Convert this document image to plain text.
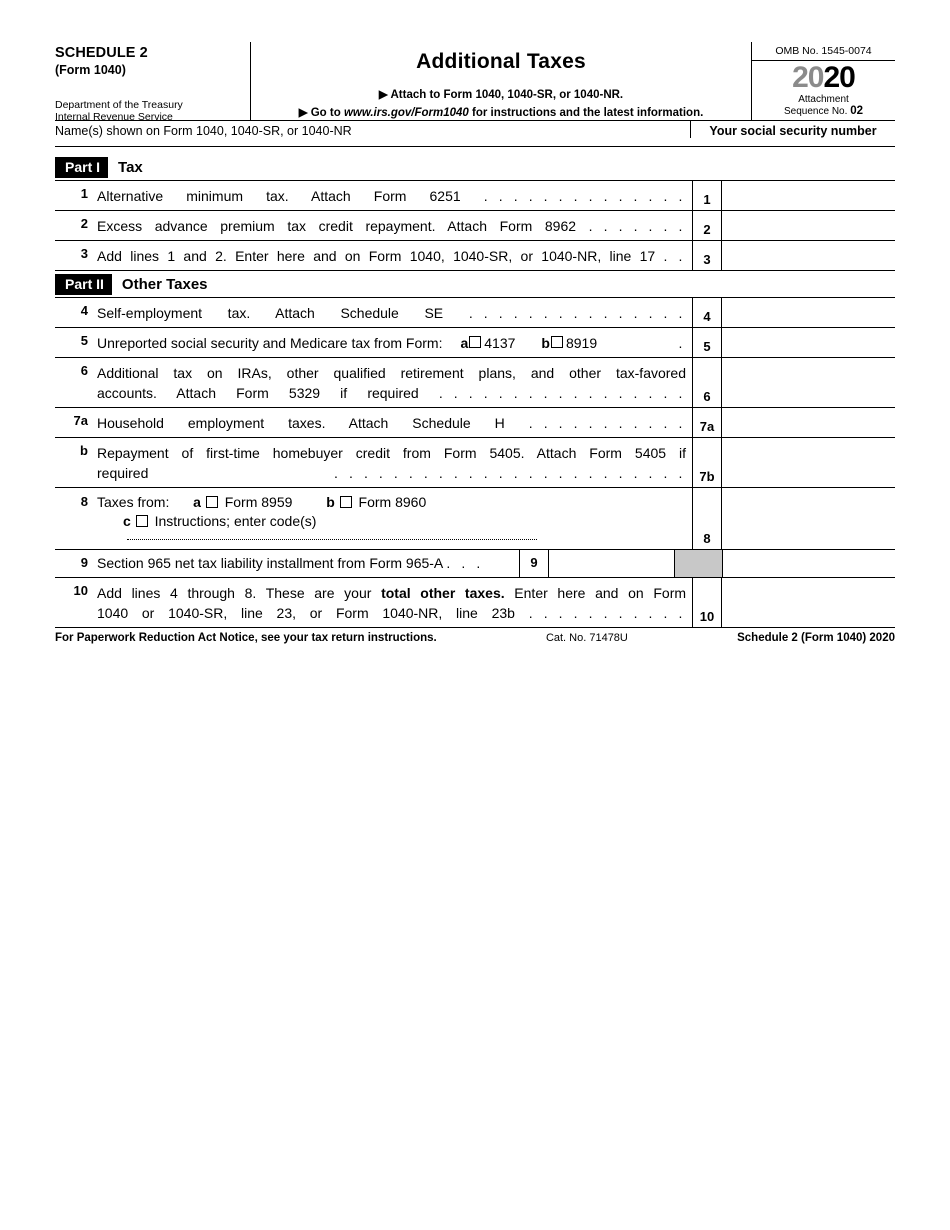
SCHEDULE 2
(Form 1040)
Department of the Treasury
Internal Revenue Service
Additional Taxes
▶ Attach to Form 1040, 1040-SR, or 1040-NR.
▶ Go to www.irs.gov/Form1040 for instructions and the latest information.
OMB No. 1545-0074
2020
Attachment
Sequence No. 02
Name(s) shown on Form 1040, 1040-SR, or 1040-NR	Your social security number
Part I	Tax
1 Alternative minimum tax. Attach Form 6251 . . . . . . . . . . . . . .	1
2 Excess advance premium tax credit repayment. Attach Form 8962 . . . . . . .	2
3 Add lines 1 and 2. Enter here and on Form 1040, 1040-SR, or 1040-NR, line 17 . .	3
Part II	Other Taxes
4 Self-employment tax. Attach Schedule SE . . . . . . . . . . . . . . .	4
5 Unreported social security and Medicare tax from Form: a 4137 b 8919	.	5
6 Additional tax on IRAs, other qualified retirement plans, and other tax-favored
accounts. Attach Form 5329 if required . . . . . . . . . . . . . . . . .	6
7a Household employment taxes. Attach Schedule H . . . . . . . . . . .	7a
b Repayment of first-time homebuyer credit from Form 5405. Attach Form 5405 if
required	. . . . . . . . . . . . . . . . . . . . . . . .	7b
8 Taxes from: a Form 8959 b Form 8960
c Instructions; enter code(s)
8
9 Section 965 net tax liability installment from Form 965-A . . .	9
10 Add lines 4 through 8. These are your total other taxes. Enter here and on Form
1040 or 1040-SR, line 23, or Form 1040-NR, line 23b . . . . . . . . . . .	10
For Paperwork Reduction Act Notice, see your tax return instructions.	Cat. No. 71478U	Schedule 2 (Form 1040) 2020
